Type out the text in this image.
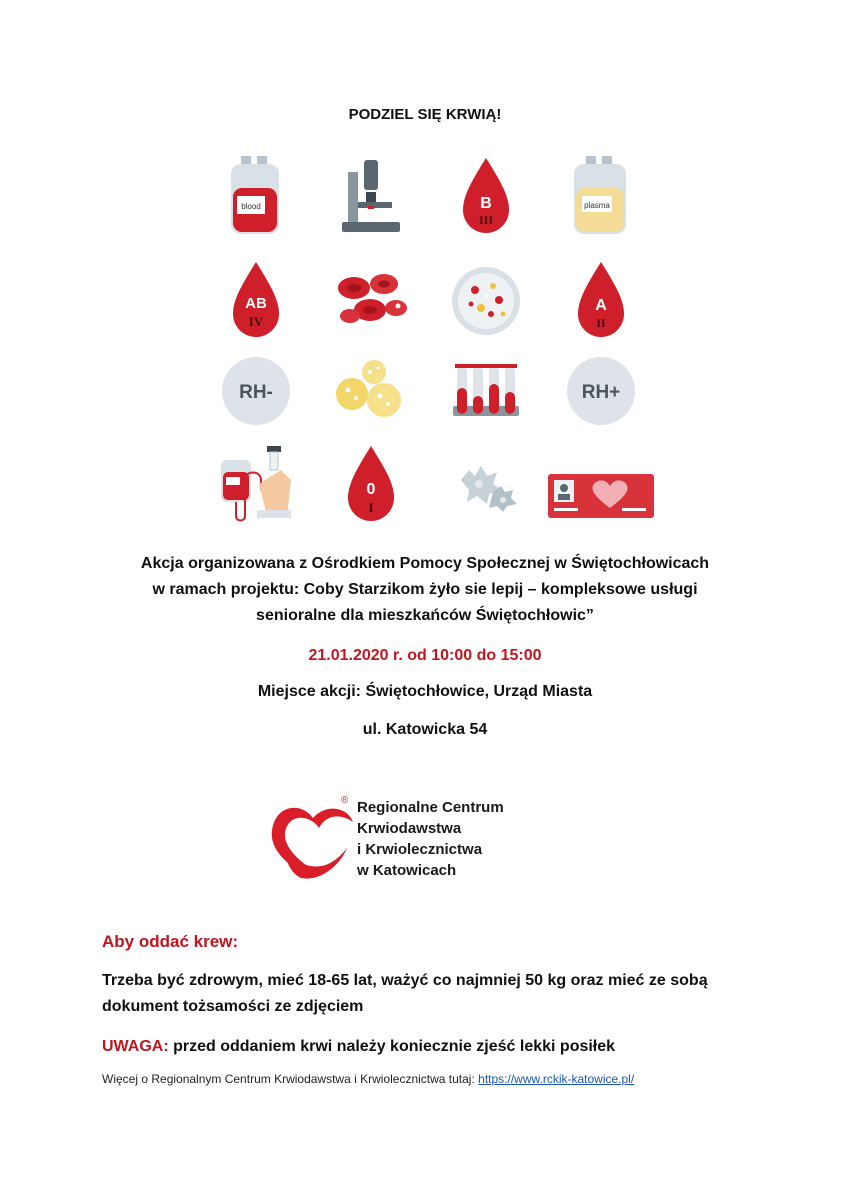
PODZIEL SIĘ KRWIĄ!
blood	B
III
plasma
AB
IV
A
II
RH-	RH+
0
I
Akcja organizowana z Ośrodkiem Pomocy Społecznej w Świętochłowicach
w ramach projektu: Coby Starzikom żyło sie lepij – kompleksowe usługi
senioralne dla mieszkańców Świętochłowic”
21.01.2020 r. od 10:00 do 15:00
Miejsce akcji: Świętochłowice, Urząd Miasta
ul. Katowicka 54
® Regionalne Centrum
Krwiodawstwa
i Krwiolecznictwa
w Katowicach
Aby oddać krew:
Trzeba być zdrowym, mieć 18-65 lat, ważyć co najmniej 50 kg oraz mieć ze sobą dokument tożsamości ze zdjęciem
UWAGA: przed oddaniem krwi należy koniecznie zjeść lekki posiłek
Więcej o Regionalnym Centrum Krwiodawstwa i Krwiolecznictwa tutaj: https://www.rckik-katowice.pl/
